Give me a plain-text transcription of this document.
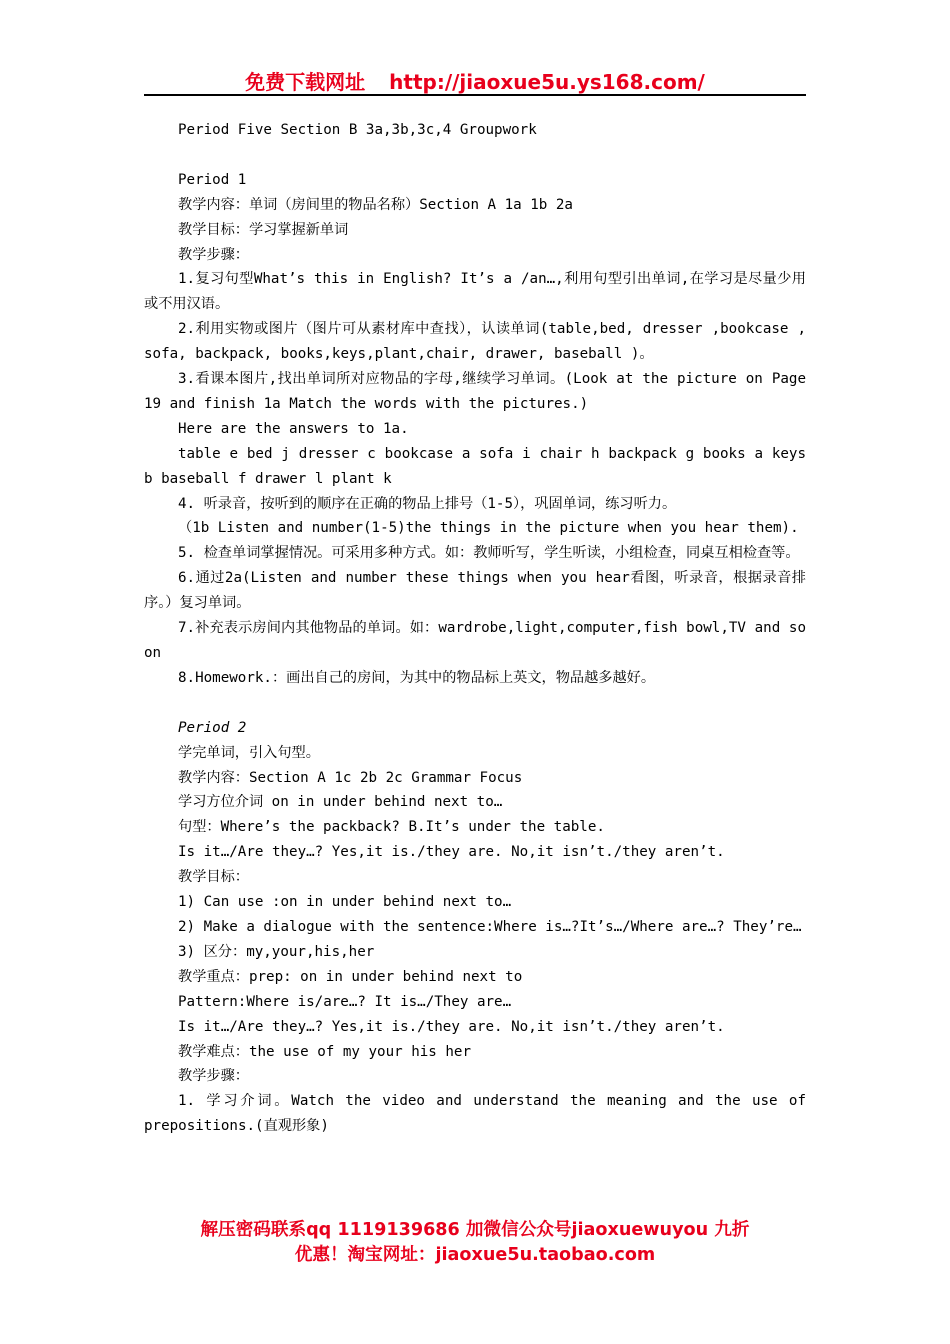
免费下载网址 http://jiaoxue5u.ys168.com/

Period Five Section B 3a,3b,3c,4 Groupwork

Period 1

教学内容：单词（房间里的物品名称）Section A 1a 1b 2a

教学目标：学习掌握新单词

教学步骤：

1.复习句型What’s this in English? It’s a /an…,利用句型引出单词,在学习是尽量少用或不用汉语。

2.利用实物或图片（图片可从素材库中查找），认读单词(table,bed, dresser ,bookcase , sofa, backpack, books,keys,plant,chair, drawer, baseball )。

3.看课本图片,找出单词所对应物品的字母,继续学习单词。(Look at the picture on Page 19 and finish 1a Match the words with the pictures.)

Here are the answers to 1a.

table e bed j dresser c bookcase a sofa i chair h backpack g books a keys b baseball f drawer l plant k

4. 听录音，按听到的顺序在正确的物品上排号（1-5），巩固单词，练习听力。

（1b Listen and number(1-5)the things in the picture when you hear them).

5. 检查单词掌握情况。可采用多种方式。如：教师听写，学生听读，小组检查，同桌互相检查等。

6.通过2a(Listen and number these things when you hear看图，听录音，根据录音排序。）复习单词。

7.补充表示房间内其他物品的单词。如：wardrobe,light,computer,fish bowl,TV and so on

8.Homework.：画出自己的房间，为其中的物品标上英文，物品越多越好。

Period 2

学完单词，引入句型。

教学内容：Section A 1c 2b 2c Grammar Focus

学习方位介词 on in under behind next to…

句型：Where’s the packback? B.It’s under the table.

Is it…/Are they…? Yes,it is./they are. No,it isn’t./they aren’t.

教学目标：

1) Can use :on in under behind next to…

2) Make a dialogue with the sentence:Where is…?It’s…/Where are…? They’re…

3) 区分：my,your,his,her

教学重点：prep: on in under behind next to

Pattern:Where is/are…? It is…/They are…

Is it…/Are they…? Yes,it is./they are. No,it isn’t./they aren’t.

教学难点：the use of my your his her

教学步骤：

1. 学习介词。Watch the video and understand the meaning and the use of prepositions.(直观形象)

解压密码联系qq 1119139686 加微信公众号jiaoxuewuyou 九折
优惠！淘宝网址：jiaoxue5u.taobao.com
